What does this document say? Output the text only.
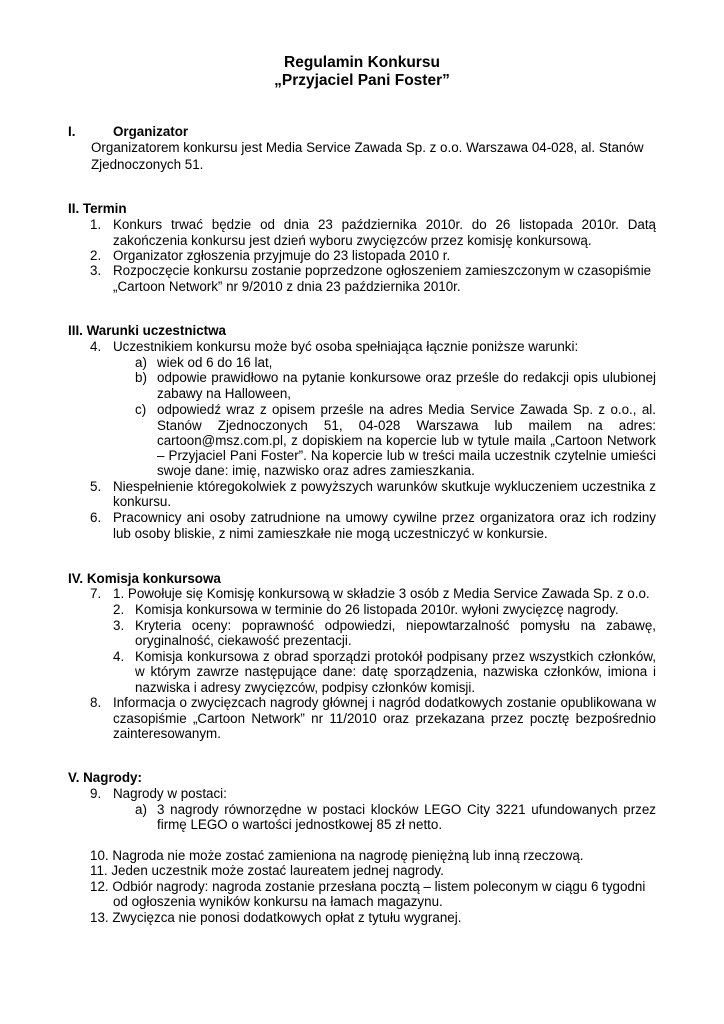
Regulamin Konkursu

„Przyjaciel Pani Foster”

I.	Organizator

Organizatorem konkursu jest Media Service Zawada Sp. z o.o. Warszawa 04-028, al. Stanów

Zjednoczonych 51.

II. Termin

1. Konkurs trwać będzie od dnia 23 października 2010r. do 26 listopada 2010r. Datą

zakończenia konkursu jest dzień wyboru zwycięzców przez komisję konkursową.

2. Organizator zgłoszenia przyjmuje do 23 listopada 2010 r.

3. Rozpoczęcie konkursu zostanie poprzedzone ogłoszeniem zamieszczonym w czasopiśmie

„Cartoon Network” nr 9/2010 z dnia 23 października 2010r.

III. Warunki uczestnictwa

4. Uczestnikiem konkursu może być osoba spełniająca łącznie poniższe warunki:

a) wiek od 6 do 16 lat,

b) odpowie prawidłowo na pytanie konkursowe oraz prześle do redakcji opis ulubionej

zabawy na Halloween,

c) odpowiedź wraz z opisem prześle na adres Media Service Zawada Sp. z o.o., al.

Stanów Zjednoczonych 51, 04-028 Warszawa lub mailem na adres:

cartoon@msz.com.pl, z dopiskiem na kopercie lub w tytule maila „Cartoon Network

– Przyjaciel Pani Foster”. Na kopercie lub w treści maila uczestnik czytelnie umieści

swoje dane: imię, nazwisko oraz adres zamieszkania.

5. Niespełnienie któregokolwiek z powyższych warunków skutkuje wykluczeniem uczestnika z

konkursu.

6. Pracownicy ani osoby zatrudnione na umowy cywilne przez organizatora oraz ich rodziny

lub osoby bliskie, z nimi zamieszkałe nie mogą uczestniczyć w konkursie.

IV. Komisja konkursowa

7. 1. Powołuje się Komisję konkursową w składzie 3 osób z Media Service Zawada Sp. z o.o.

2. Komisja konkursowa w terminie do 26 listopada 2010r. wyłoni zwycięzcę nagrody.

3. Kryteria oceny: poprawność odpowiedzi, niepowtarzalność pomysłu na zabawę,

oryginalność, ciekawość prezentacji.

4. Komisja konkursowa z obrad sporządzi protokół podpisany przez wszystkich członków,

w którym zawrze następujące dane: datę sporządzenia, nazwiska członków, imiona i

nazwiska i adresy zwycięzców, podpisy członków komisji.

8. Informacja o zwycięzcach nagrody głównej i nagród dodatkowych zostanie opublikowana w

czasopiśmie „Cartoon Network” nr 11/2010 oraz przekazana przez pocztę bezpośrednio

zainteresowanym.

V. Nagrody:

9. Nagrody w postaci:

a) 3 nagrody równorzędne w postaci klocków LEGO City 3221 ufundowanych przez

firmę LEGO o wartości jednostkowej 85 zł netto.

10. Nagroda nie może zostać zamieniona na nagrodę pieniężną lub inną rzeczową.

11. Jeden uczestnik może zostać laureatem jednej nagrody.

12. Odbiór nagrody: nagroda zostanie przesłana pocztą – listem poleconym w ciągu 6 tygodni

od ogłoszenia wyników konkursu na łamach magazynu.

13. Zwycięzca nie ponosi dodatkowych opłat z tytułu wygranej.
